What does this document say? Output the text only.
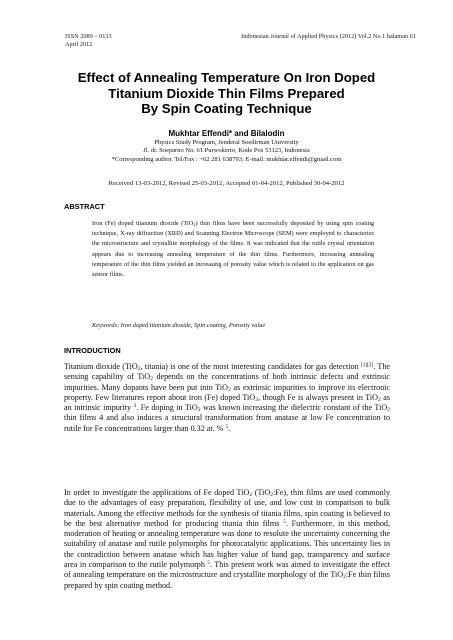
ISSN 2089 – 0133
April 2012
Indonesian Journal of Applied Physics (2012) Vol.2 No.1 halaman 61
Effect of Annealing Temperature On Iron Doped
Titanium Dioxide Thin Films Prepared
By Spin Coating Technique
Mukhtar Effendi* and Bilalodin
Physics Study Program, Jenderal Soedirman University
Jl. dr. Soeparno No. 61 Purwokerto, Kode Pos 53123, Indonesia
*Corresponding author. Tel/Fax : +62 281 638793; E-mail: mukhtar.effendi@gmail.com
Received 13-03-2012, Revised 25-03-2012, Accepted 01-04-2012, Published 30-04-2012
ABSTRACT
Iron (Fe) doped titanium dioxide (TiO$_2$) thin films have been successfully deposited by using spin coating technique, X-ray diffraction (XRD) and Scanning Electron Microscope (SEM) were employed to characterize the microstructure and crystallite morphology of the films. It was indicated that the rutile crystal orientation appears due to increasing annealing temperature of the thin films. Furthermore, increasing annealing temperature of the thin films yielded an increasing of porosity value which is related to the application on gas sensor films.
Keywords: Iron doped titanium dioxide, Spin coating, Porosity value
INTRODUCTION
Titanium dioxide (TiO$_2$, titania) is one of the most interesting candidates for gas detection [1][2]. The sensing capability of TiO$_2$ depends on the concentrations of both intrinsic defects and extrinsic impurities. Many dopants have been put into TiO$_2$ as extrinsic impurities to improve its electronic property. Few literatures report about iron (Fe) doped TiO$_2$, though Fe is always present in TiO$_2$ as an intrinsic impurity $^3$. Fe doping in TiO$_2$ was known increasing the dielectric constant of the TiO$_2$ thin films 4 and also induces a structural transformation from anatase at low Fe concentration to rutile for Fe concentrations larger than 0.32 at. % $^5$.
In order to investigate the applications of Fe doped TiO$_2$ (TiO$_2$:Fe), thin films are used commonly due to the advantages of easy preparation, flexibility of use, and low cost in comparison to bulk materials. Among the effective methods for the synthesis of titania films, spin coating is believed to be the best alternative method for producing titania thin films $^5$. Furthermore, in this method, moderation of heating or annealing temperature was done to resolute the uncertainty concerning the suitability of anatase and rutile polymorphs for photocatalytic applications. This uncertainty lies in the contradiction between anatase which has higher value of band gap, transparency and surface area in comparison to the rutile polymorph $^5$. This present work was aimed to investigate the effect of annealing temperature on the microstructure and crystallite morphology of the TiO$_2$:Fe thin films prepared by spin coating method.
